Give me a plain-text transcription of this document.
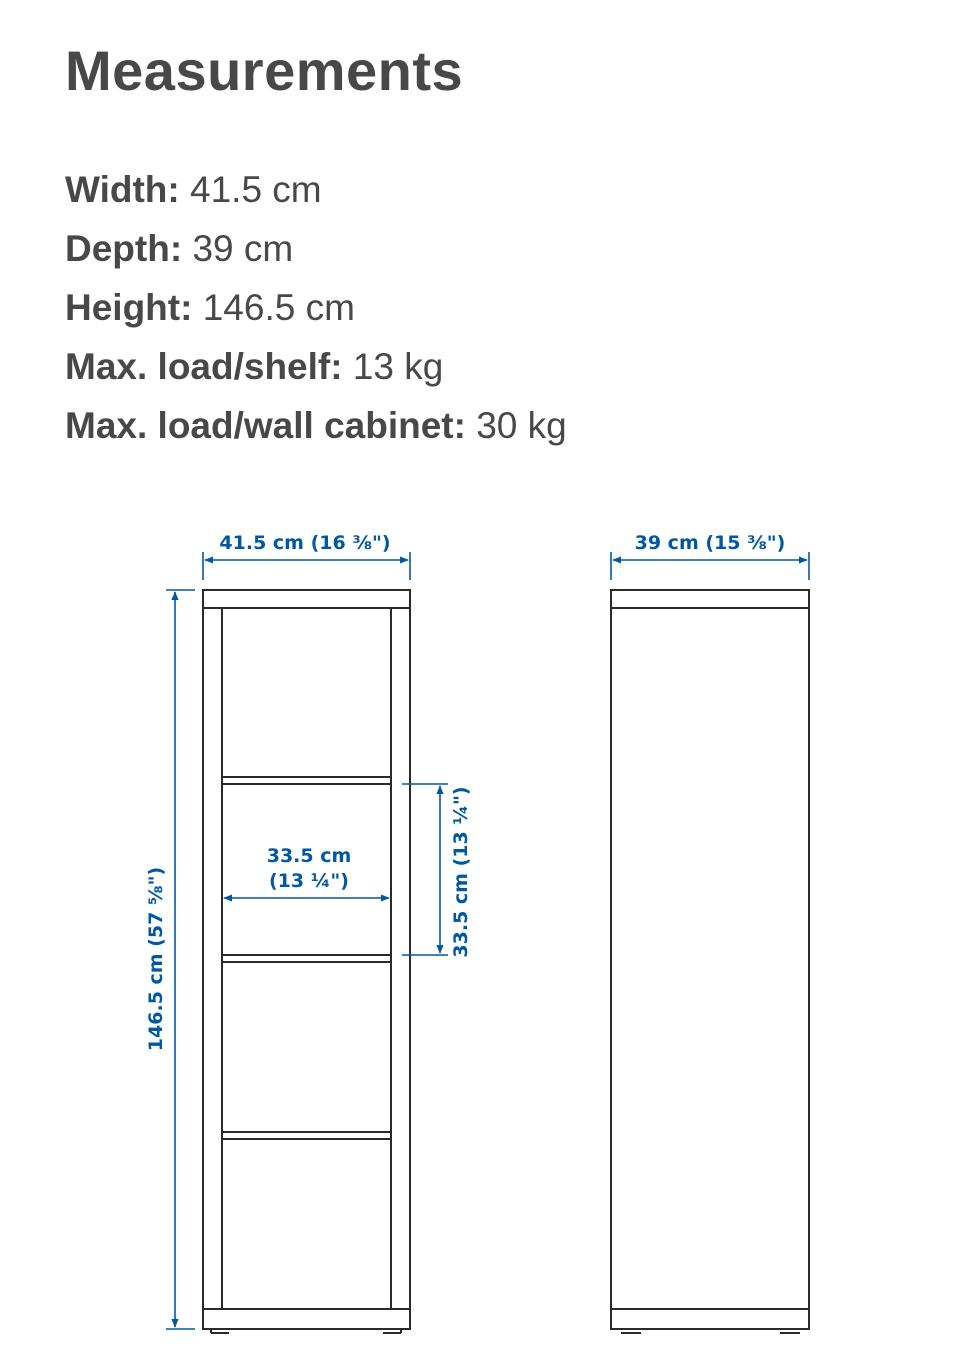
Measurements
Width: 41.5 cm
Depth: 39 cm
Height: 146.5 cm
Max. load/shelf: 13 kg
Max. load/wall cabinet: 30 kg
41.5 cm (16 ⅜")	39 cm (15 ⅜")
33.5 cm
(13 ¼")
146.5 cm (57 ⅝")	33.5 cm (13 ¼")
